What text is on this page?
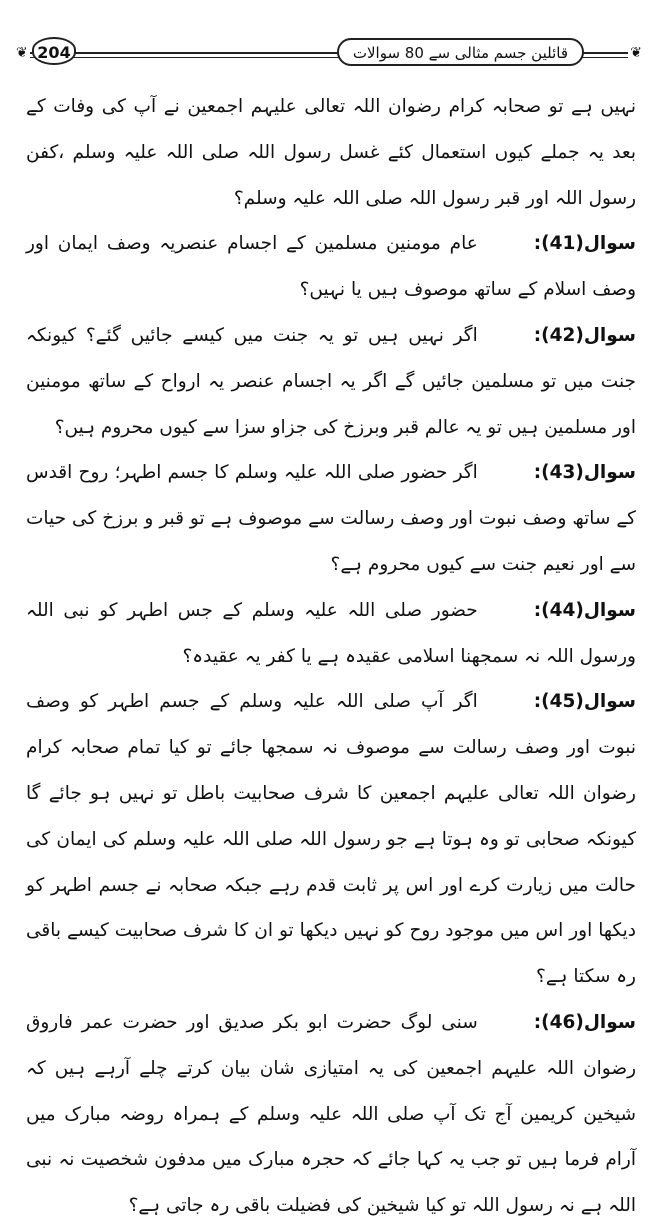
❦	❦
204	قائلین جسم مثالی سے 80 سوالات

نہیں ہے تو صحابہ کرام رضوان اللہ تعالی علیہم اجمعین نے آپ کی وفات کے بعد یہ جملے کیوں استعمال کئے غسل رسول اللہ صلی اللہ علیہ وسلم ،کفن رسول اللہ اور قبر رسول اللہ صلی اللہ علیہ وسلم؟

سوال(41):عام مومنین مسلمین کے اجسام عنصریہ وصف ایمان اور وصف اسلام کے ساتھ موصوف ہیں یا نہیں؟

سوال(42):اگر نہیں ہیں تو یہ جنت میں کیسے جائیں گئے؟ کیونکہ جنت میں تو مسلمین جائیں گے اگر یہ اجسام عنصر یہ ارواح کے ساتھ مومنین اور مسلمین ہیں تو یہ عالم قبر وبرزخ کی جزاو سزا سے کیوں محروم ہیں؟

سوال(43):اگر حضور صلی اللہ علیہ وسلم کا جسم اطہر؛ روح اقدس کے ساتھ وصف نبوت اور وصف رسالت سے موصوف ہے تو قبر و برزخ کی حیات سے اور نعیم جنت سے کیوں محروم ہے؟

سوال(44):حضور صلی اللہ علیہ وسلم کے جس اطہر کو نبی اللہ ورسول اللہ نہ سمجھنا اسلامی عقیدہ ہے یا کفر یہ عقیدہ؟

سوال(45):اگر آپ صلی اللہ علیہ وسلم کے جسم اطہر کو وصف نبوت اور وصف رسالت سے موصوف نہ سمجھا جائے تو کیا تمام صحابہ کرام رضوان اللہ تعالی علیہم اجمعین کا شرف صحابیت باطل تو نہیں ہو جائے گا کیونکہ صحابی تو وہ ہوتا ہے جو رسول اللہ صلی اللہ علیہ وسلم کی ایمان کی حالت میں زیارت کرے اور اس پر ثابت قدم رہے جبکہ صحابہ نے جسم اطہر کو دیکھا اور اس میں موجود روح کو نہیں دیکھا تو ان کا شرف صحابیت کیسے باقی رہ سکتا ہے؟

سوال(46):سنی لوگ حضرت ابو بکر صدیق اور حضرت عمر فاروق رضوان اللہ علیہم اجمعین کی یہ امتیازی شان بیان کرتے چلے آرہے ہیں کہ شیخین کریمین آج تک آپ صلی اللہ علیہ وسلم کے ہمراہ روضہ مبارک میں آرام فرما ہیں تو جب یہ کہا جائے کہ حجرہ مبارک میں مدفون شخصیت نہ نبی اللہ ہے نہ رسول اللہ تو کیا شیخین کی فضیلت باقی رہ جاتی ہے؟
